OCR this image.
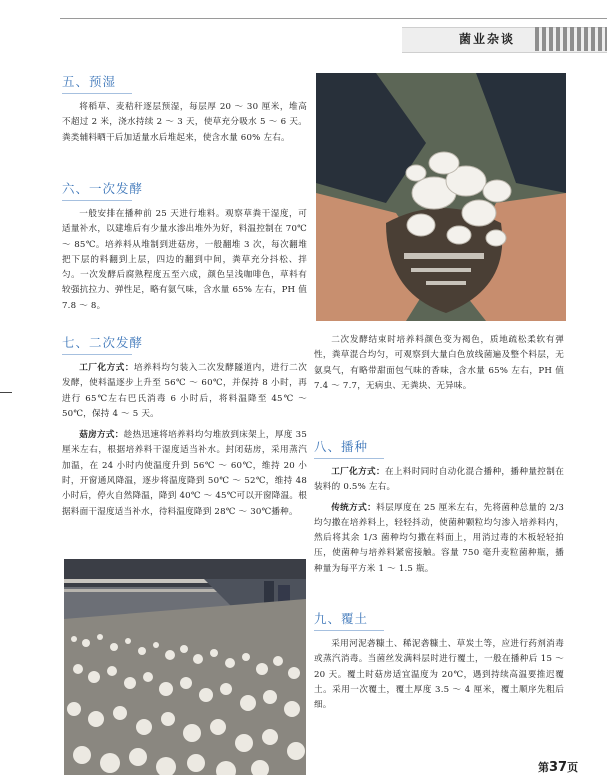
菌业杂谈
五、预湿

将稻草、麦秸秆逐层预湿，每层厚 20 ～ 30 厘米，堆高不超过 2 米，浇水持续 2 ～ 3 天，使草充分吸水 5 ～ 6 天。粪类辅料晒干后加适量水后堆起来，使含水量 60% 左右。

六、一次发酵

一般安排在播种前 25 天进行堆料。观察草粪干湿度，可适量补水，以建堆后有少量水渗出堆外为好，料温控制在 70℃ ～ 85℃。培养料从堆制到进菇房，一般翻堆 3 次，每次翻堆把下层的料翻到上层，四边的翻到中间，粪草充分抖松、拌匀。一次发酵后腐熟程度五至六成，颜色呈浅咖啡色，草料有较强抗拉力、弹性足，略有氨气味，含水量 65% 左右，PH 值 7.8 ～ 8。

七、二次发酵

工厂化方式：培养料均匀装入二次发酵隧道内，进行二次发酵，使料温逐步上升至 56℃ ～ 60℃，并保持 8 小时，再进行 65℃左右巴氏消毒 6 小时后，将料温降至 45℃ ～ 50℃，保持 4 ～ 5 天。

菇房方式：趁热迅速将培养料均匀堆放到床架上，厚度 35 厘米左右，根据培养料干湿度适当补水。封闭菇房，采用蒸汽加温，在 24 小时内使温度升到 56℃ ～ 60℃，维持 20 小时，开窗通风降温，逐步将温度降到 50℃ ～ 52℃，维持 48 小时后，停火自然降温，降到 40℃ ～ 45℃可以开窗降温。根据料面干湿度适当补水，待料温度降到 28℃ ～ 30℃播种。

二次发酵结束时培养料颜色变为褐色，质地疏松柔软有弹性，粪草混合均匀，可观察到大量白色放线菌遍及整个料层，无氨臭气，有略带甜面包气味的香味，含水量 65% 左右，PH 值 7.4 ～ 7.7，无病虫、无粪块、无异味。

八、播种

工厂化方式：在上料时同时自动化混合播种，播种量控制在装料的 0.5% 左右。

传统方式：料层厚度在 25 厘米左右，先将菌种总量的 2/3 均匀撒在培养料上，轻轻抖动，使菌种颗粒均匀渗入培养料内，然后将其余 1/3 菌种均匀撒在料面上，用消过毒的木板轻轻拍压，使菌种与培养料紧密接触。容量 750 毫升麦粒菌种瓶，播种量为每平方米 1 ～ 1.5 瓶。

九、覆土

采用河泥砻糠土、稀泥砻糠土、草炭土等，应进行药剂消毒或蒸汽消毒。当菌丝发满料层时进行覆土，一般在播种后 15 ～ 20 天。覆土时菇房适宜温度为 20℃，遇到持续高温要推迟覆土。采用一次覆土，覆土厚度 3.5 ～ 4 厘米，覆土顺序先粗后细。

第37页
